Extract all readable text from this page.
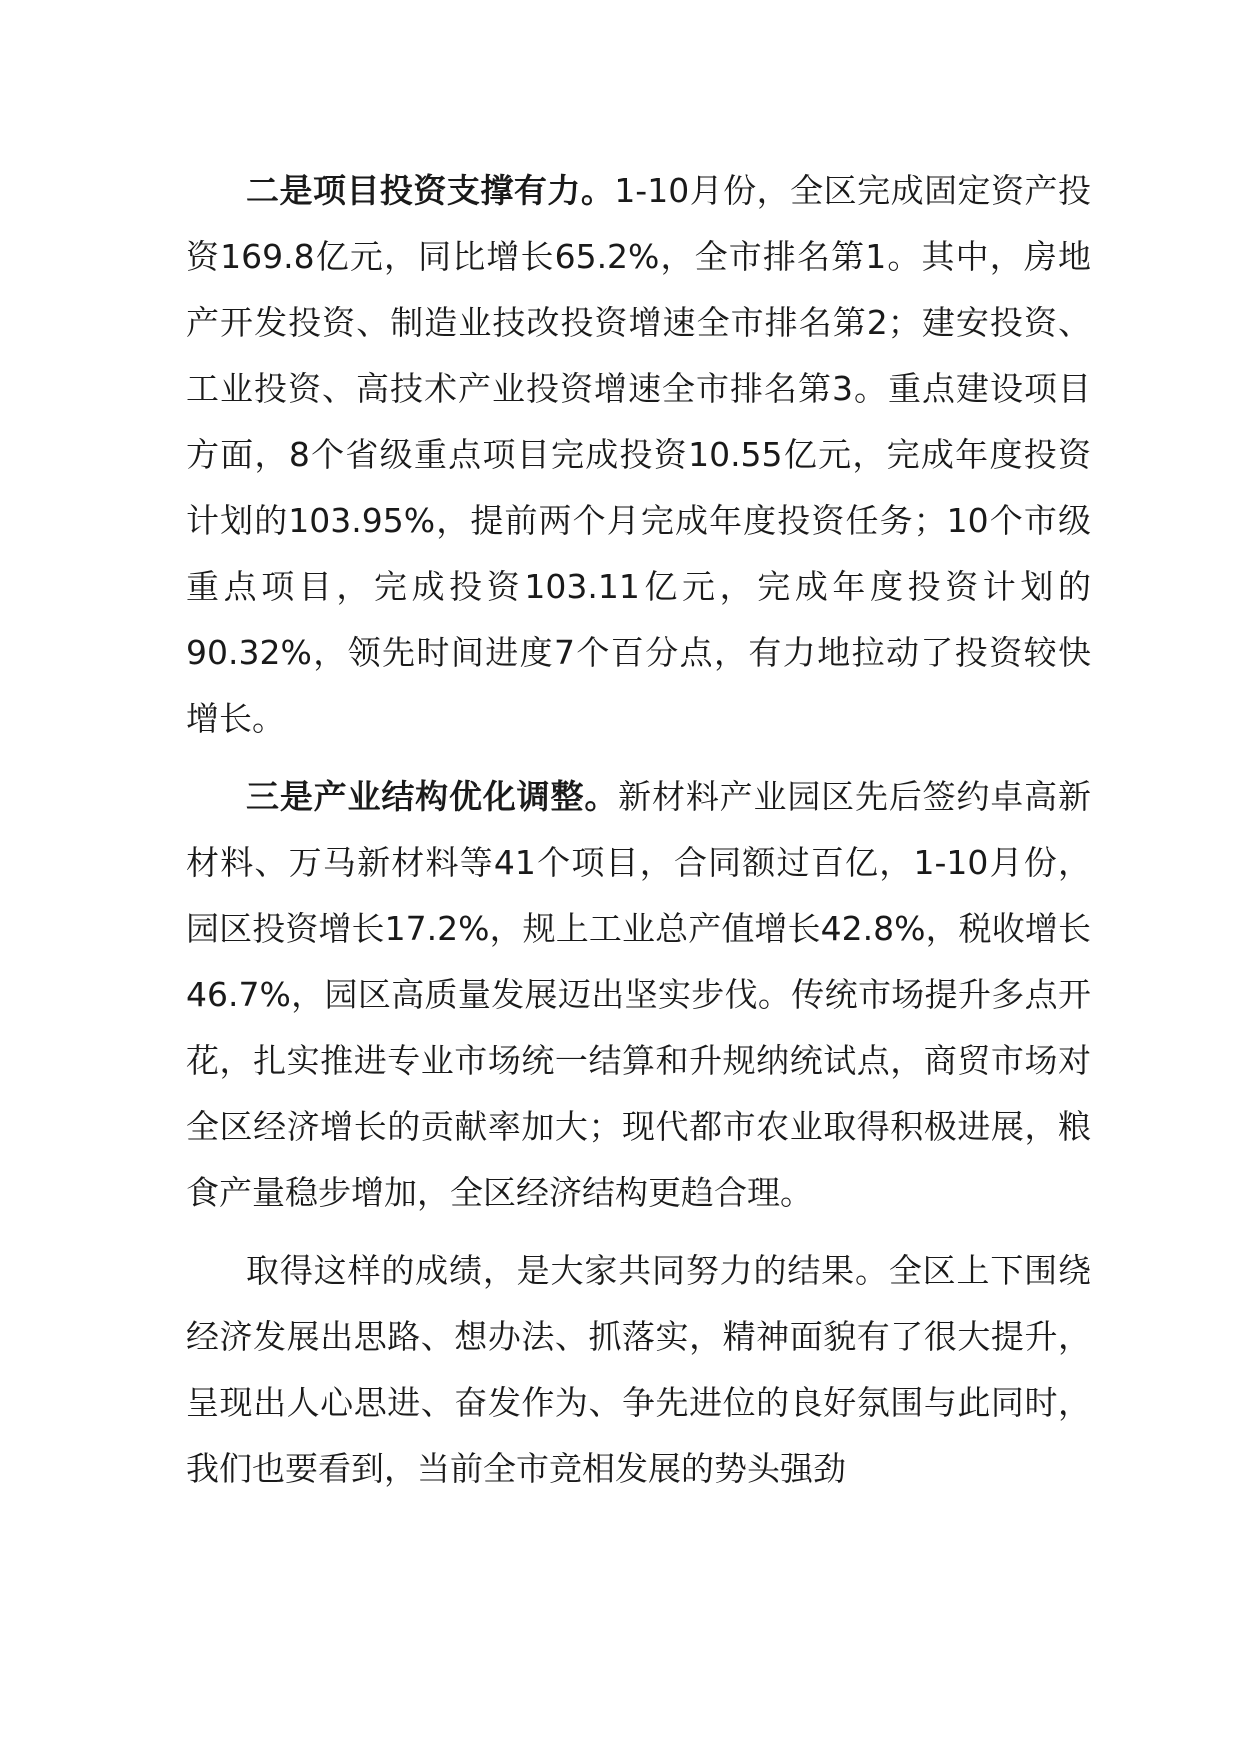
二是项目投资支撑有力。1-10月份，全区完成固定资产投资169.8亿元，同比增长65.2%，全市排名第1。其中，房地产开发投资、制造业技改投资增速全市排名第2；建安投资、工业投资、高技术产业投资增速全市排名第3。重点建设项目方面，8个省级重点项目完成投资10.55亿元，完成年度投资计划的103.95%，提前两个月完成年度投资任务；10个市级重点项目，完成投资103.11亿元，完成年度投资计划的90.32%，领先时间进度7个百分点，有力地拉动了投资较快增长。

三是产业结构优化调整。新材料产业园区先后签约卓高新材料、万马新材料等41个项目，合同额过百亿，1-10月份，园区投资增长17.2%，规上工业总产值增长42.8%，税收增长46.7%，园区高质量发展迈出坚实步伐。传统市场提升多点开花，扎实推进专业市场统一结算和升规纳统试点，商贸市场对全区经济增长的贡献率加大；现代都市农业取得积极进展，粮食产量稳步增加，全区经济结构更趋合理。

取得这样的成绩，是大家共同努力的结果。全区上下围绕经济发展出思路、想办法、抓落实，精神面貌有了很大提升，呈现出人心思进、奋发作为、争先进位的良好氛围与此同时，我们也要看到，当前全市竞相发展的势头强劲
